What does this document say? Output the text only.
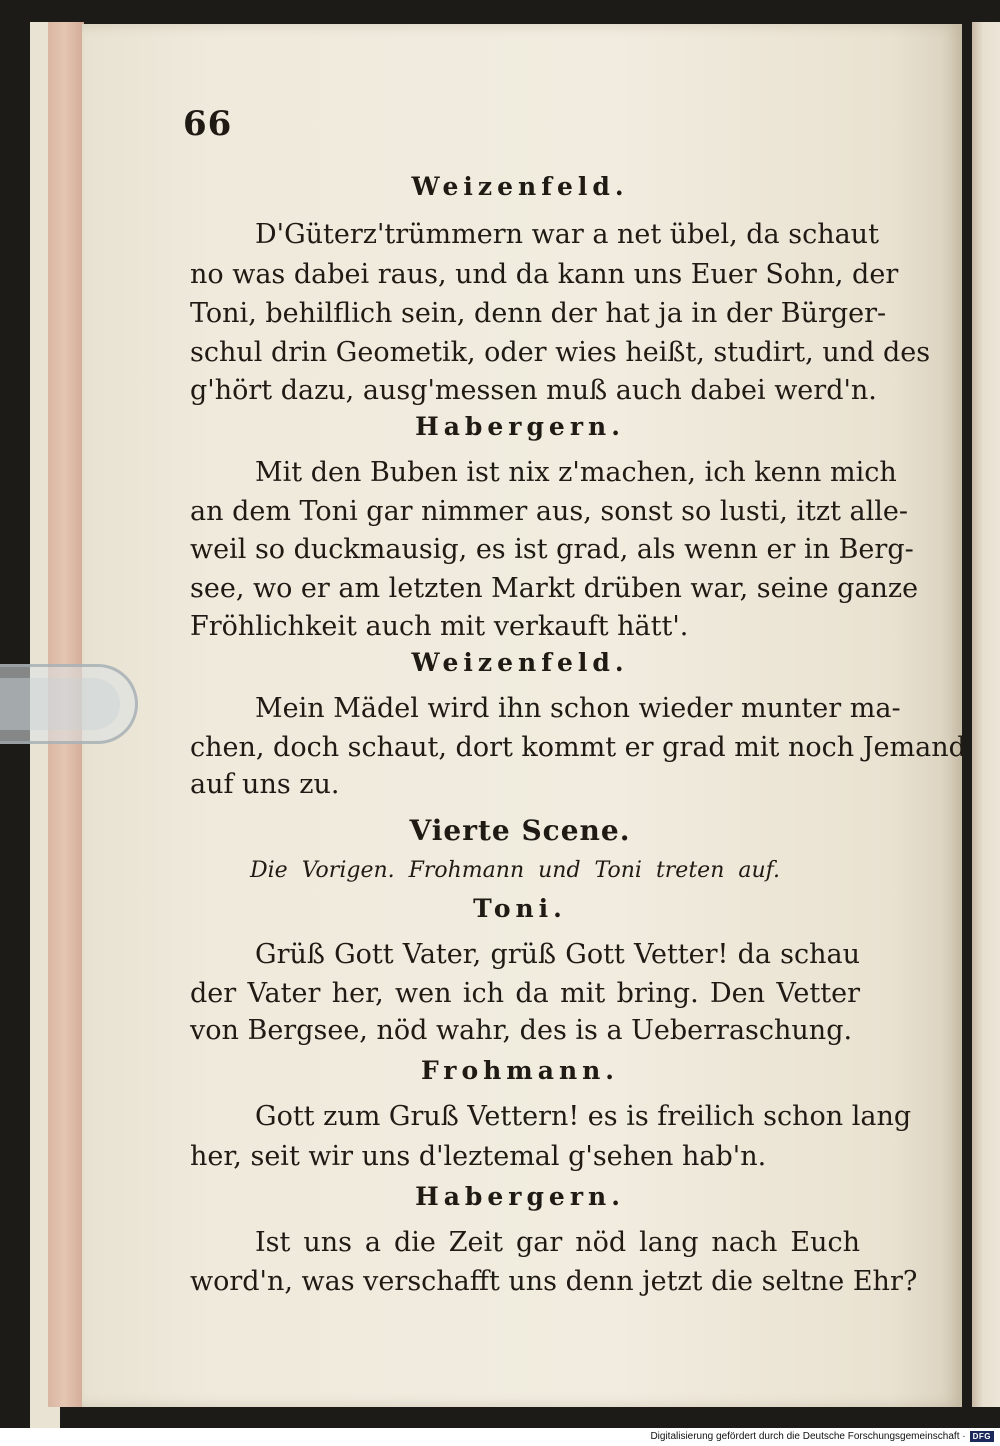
66
Weizenfeld.
D'Güterz'trümmern war a net übel, da schaut
no was dabei raus, und da kann uns Euer Sohn, der
Toni, behilflich sein, denn der hat ja in der Bürger-
schul drin Geometik, oder wies heißt, studirt, und des
g'hört dazu, ausg'messen muß auch dabei werd'n.
Habergern.
Mit den Buben ist nix z'machen, ich kenn mich
an dem Toni gar nimmer aus, sonst so lusti, itzt alle-
weil so duckmausig, es ist grad, als wenn er in Berg-
see, wo er am letzten Markt drüben war, seine ganze
Fröhlichkeit auch mit verkauft hätt'.
Weizenfeld.
Mein Mädel wird ihn schon wieder munter ma-
chen, doch schaut, dort kommt er grad mit noch Jemand
auf uns zu.
Vierte Scene.
Die Vorigen. Frohmann und Toni treten auf.
Toni.
Grüß Gott Vater, grüß Gott Vetter! da schau
der Vater her, wen ich da mit bring. Den Vetter
von Bergsee, nöd wahr, des is a Ueberraschung.
Frohmann.
Gott zum Gruß Vettern! es is freilich schon lang
her, seit wir uns d'leztemal g'sehen hab'n.
Habergern.
Ist uns a die Zeit gar nöd lang nach Euch
word'n, was verschafft uns denn jetzt die seltne Ehr?
Digitalisierung gefördert durch die Deutsche Forschungsgemeinschaft · DFG
